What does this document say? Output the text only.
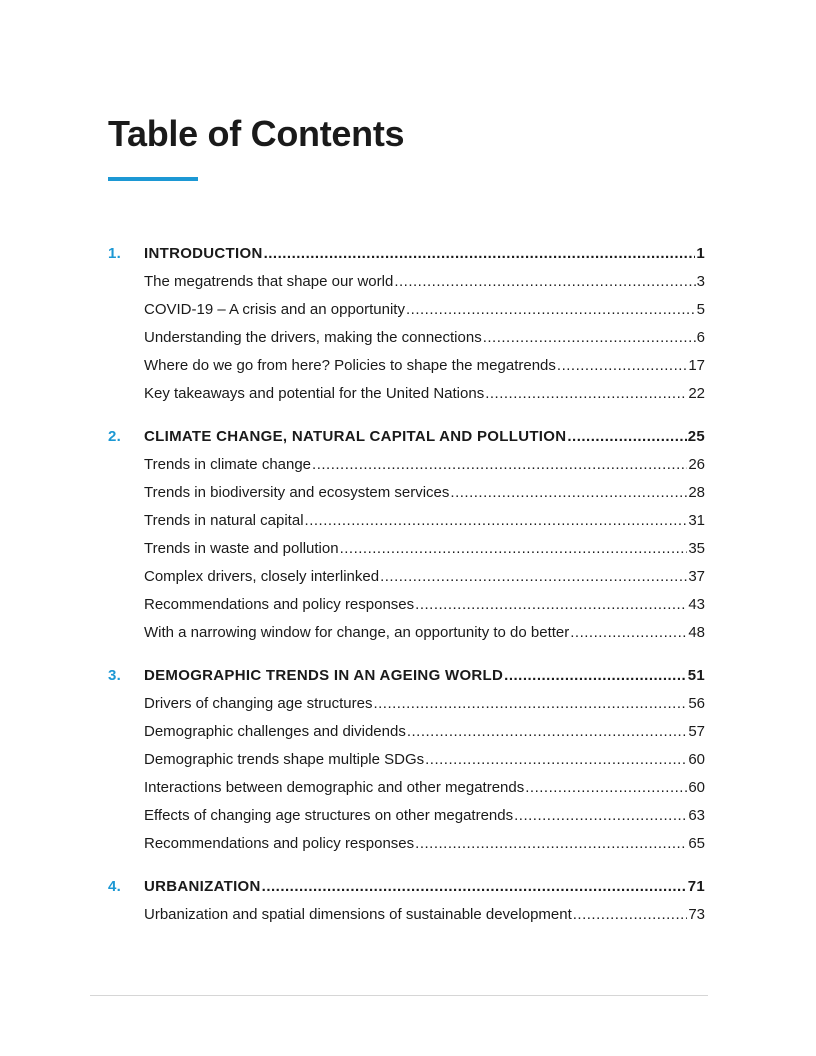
Table of Contents
1.	INTRODUCTION .....	1
The megatrends that shape our world .....	3
COVID-19 – A crisis and an opportunity .....	5
Understanding the drivers, making the connections .....	6
Where do we go from here? Policies to shape the megatrends .....	17
Key takeaways and potential for the United Nations .....	22
2.	CLIMATE CHANGE, NATURAL CAPITAL AND POLLUTION .....	25
Trends in climate change .....	26
Trends in biodiversity and ecosystem services .....	28
Trends in natural capital .....	31
Trends in waste and pollution .....	35
Complex drivers, closely interlinked .....	37
Recommendations and policy responses .....	43
With a narrowing window for change, an opportunity to do better .....	48
3.	DEMOGRAPHIC TRENDS IN AN AGEING WORLD .....	51
Drivers of changing age structures .....	56
Demographic challenges and dividends .....	57
Demographic trends shape multiple SDGs .....	60
Interactions between demographic and other megatrends .....	60
Effects of changing age structures on other megatrends .....	63
Recommendations and policy responses .....	65
4.	URBANIZATION .....	71
Urbanization and spatial dimensions of sustainable development .....	73
